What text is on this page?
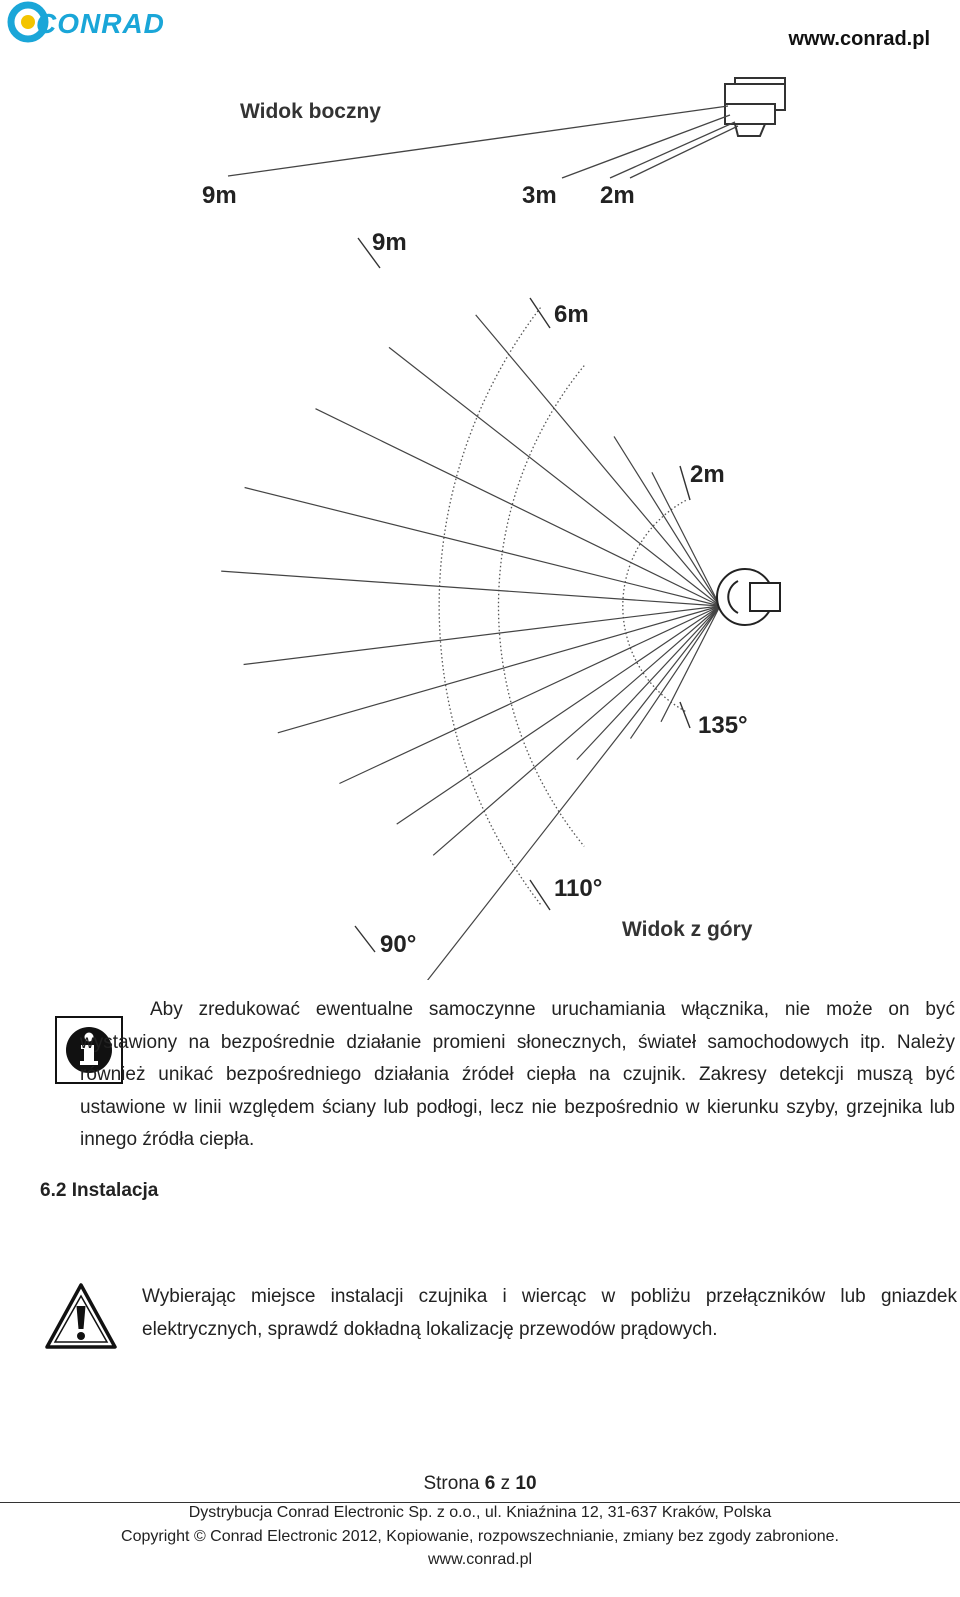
CONRAD	www.conrad.pl
Widok boczny
9m	3m 2m
9m
6m
2m
135°
110°
90°
Widok z góry
Aby zredukować ewentualne samoczynne uruchamiania włącznika, nie może on być wystawiony na bezpośrednie działanie promieni słonecznych, świateł samochodowych itp. Należy również unikać bezpośredniego działania źródeł ciepła na czujnik. Zakresy detekcji muszą być ustawione w linii względem ściany lub podłogi, lecz nie bezpośrednio w kierunku szyby, grzejnika lub innego źródła ciepła.
6.2 Instalacja
Wybierając miejsce instalacji czujnika i wiercąc w pobliżu przełączników lub gniazdek elektrycznych, sprawdź dokładną lokalizację przewodów prądowych.
Strona 6 z 10
Dystrybucja Conrad Electronic Sp. z o.o., ul. Kniaźnina 12, 31-637 Kraków, Polska
Copyright © Conrad Electronic 2012, Kopiowanie, rozpowszechnianie, zmiany bez zgody zabronione.
www.conrad.pl
